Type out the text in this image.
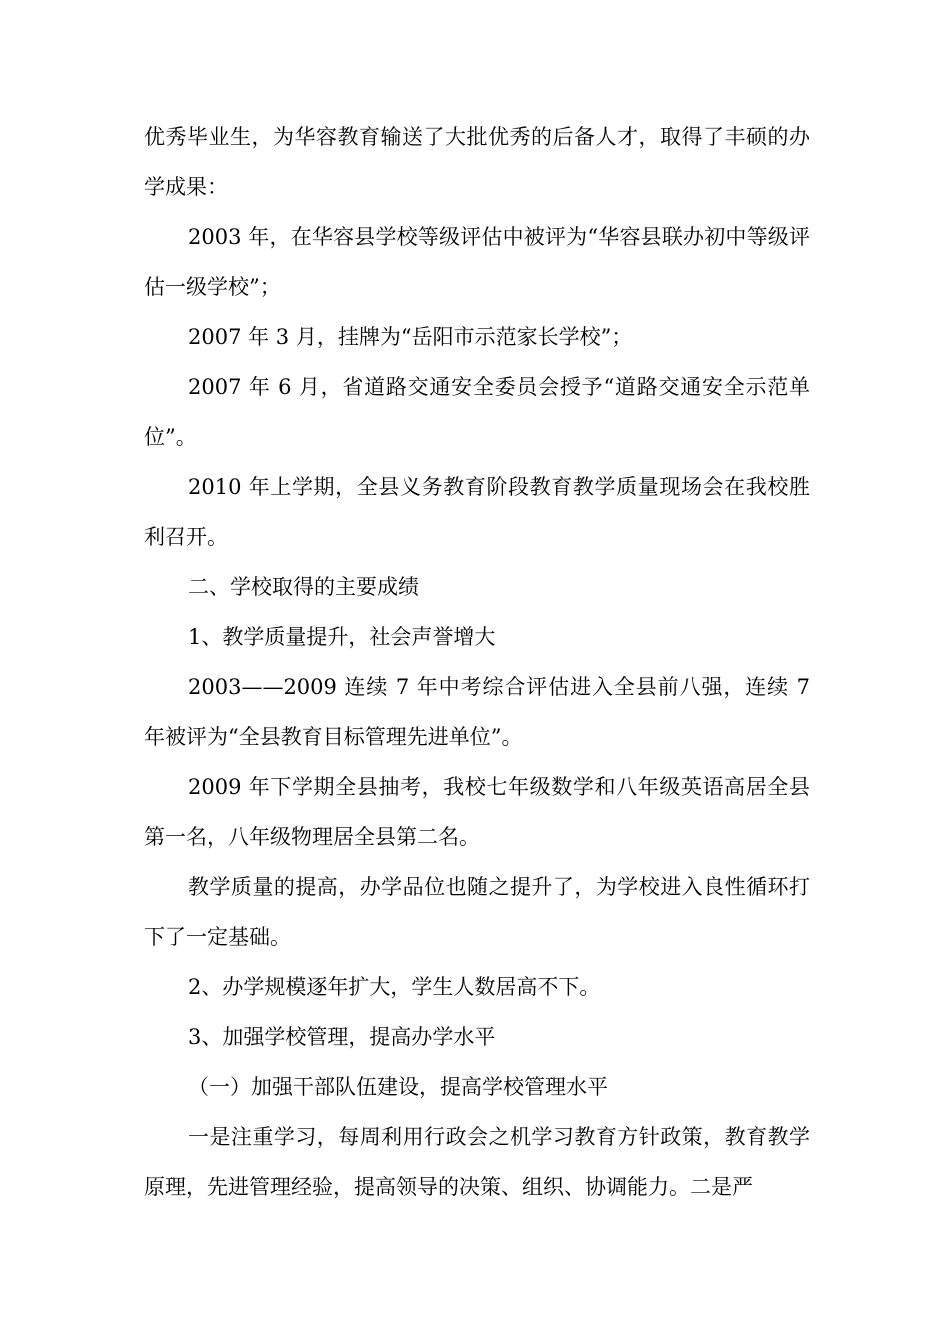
优秀毕业生，为华容教育输送了大批优秀的后备人才，取得了丰硕的办学成果：

2003 年，在华容县学校等级评估中被评为“华容县联办初中等级评估一级学校”；

2007 年 3 月，挂牌为“岳阳市示范家长学校”；

2007 年 6 月，省道路交通安全委员会授予“道路交通安全示范单位”。

2010 年上学期，全县义务教育阶段教育教学质量现场会在我校胜利召开。

二、学校取得的主要成绩

1、教学质量提升，社会声誉增大

2003——2009 连续 7 年中考综合评估进入全县前八强，连续 7 年被评为“全县教育目标管理先进单位”。

2009 年下学期全县抽考，我校七年级数学和八年级英语高居全县第一名，八年级物理居全县第二名。

教学质量的提高，办学品位也随之提升了，为学校进入良性循环打下了一定基础。

2、办学规模逐年扩大，学生人数居高不下。

3、加强学校管理，提高办学水平

（一）加强干部队伍建设，提高学校管理水平

一是注重学习，每周利用行政会之机学习教育方针政策，教育教学原理，先进管理经验，提高领导的决策、组织、协调能力。二是严
